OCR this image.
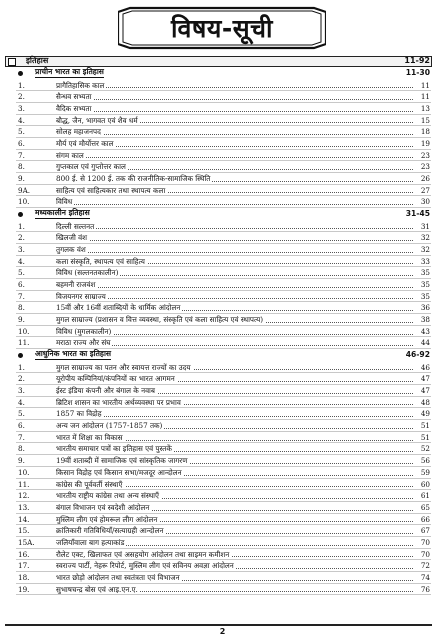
विषय-सूची
इतिहास	11-92
प्राचीन भारत का इतिहास	11-30
1.	प्रागैतिहासिक काल	11
2.	सैन्धव सभ्यता	11
3.	वैदिक सभ्यता	13
4.	बौद्ध, जैन, भागवत एवं शैव धर्म	15
5.	सोलह महाजनपद	18
6.	मौर्य एवं मौर्योत्तर काल	19
7.	संगम काल	23
8.	गुप्तकाल एवं गुप्तोत्तर काल	23
9.	800 ई. से 1200 ई. तक की राजनीतिक-सामाजिक स्थिति	26
9A.	साहित्य एवं साहित्यकार तथा स्थापत्य कला	27
10.	विविध	30
मध्यकालीन इतिहास	31-45
1.	दिल्ली सल्तनत	31
2.	खिलजी वंश	32
3.	तुगलक वंश	32
4.	कला संस्कृति, स्थापत्य एवं साहित्य	33
5.	विविध (सल्तनतकालीन)	35
6.	बहमनी राजवंश	35
7.	विजयनगर साम्राज्य	35
8.	15वीं और 16वीं शताब्दियों के धार्मिक आंदोलन	36
9.	मुगल साम्राज्य (प्रशासन व वित्त व्यवस्था, संस्कृति एवं कला साहित्य एवं स्थापत्य)	38
10.	विविध (मुगलकालीन)	43
11.	मराठा राज्य और संघ	44
आधुनिक भारत का इतिहास	46-92
1.	मुगल साम्राज्य का पतन और स्वायत्त राज्यों का उदय	46
2.	यूरोपीय कम्पिनियां/कंपनियों का भारत आगमन	47
3.	ईस्ट इंडिया कंपनी और बंगाल के नवाब	47
4.	ब्रिटिश शासन का भारतीय अर्थव्यवस्था पर प्रभाव	48
5.	1857 का विद्रोह	49
6.	अन्य जन आंदोलन (1757-1857 तक)	51
7.	भारत में शिक्षा का विकास	51
8.	भारतीय समाचार पत्रों का इतिहास एवं पुस्तकें	52
9.	19वीं शताब्दी में सामाजिक एवं सांस्कृतिक जागरण	56
10.	किसान विद्रोह एवं किसान सभा/मजदूर आन्दोलन	59
11.	कांग्रेस की पूर्ववर्ती संस्थाएँ	60
12.	भारतीय राष्ट्रीय कांग्रेस तथा अन्य संस्थाएँ	61
13.	बंगाल विभाजन एवं स्वदेशी आंदोलन	65
14.	मुस्लिम लीग एवं होमरूल लीग आंदोलन	66
15.	क्रांतिकारी गतिविधियाँ/सत्याग्रही आन्दोलन	67
15A.	जलियाँवाला बाग हत्याकांड	70
16.	रौलेट एक्ट, खिलाफत एवं असहयोग आंदोलन तथा साइमन कमीशन	70
17.	स्वराज्य पार्टी, नेहरू रिपोर्ट, मुस्लिम लीग एवं सविनय अवज्ञा आंदोलन	72
18.	भारत छोड़ो आंदोलन तथा स्वतंत्रता एवं विभाजन	74
19.	सुभाषचन्द्र बोस एवं आइ.एन.ए.	76
2
